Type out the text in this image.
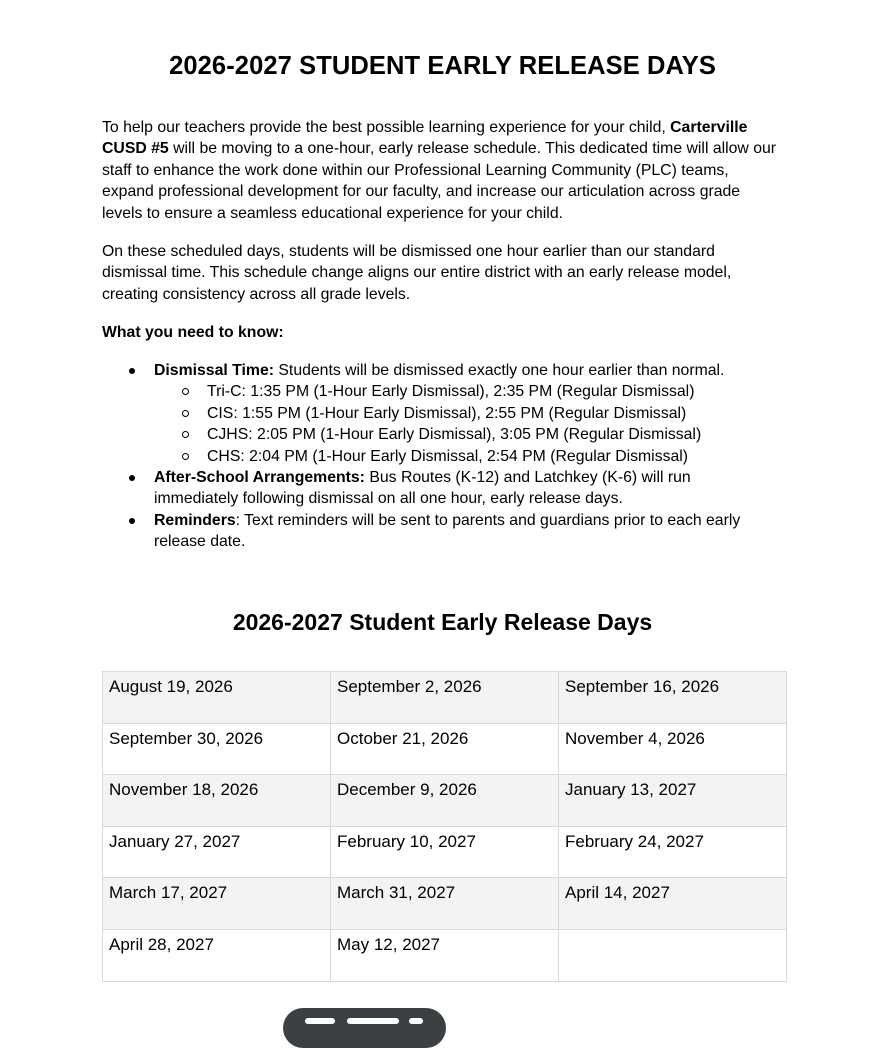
2026-2027 STUDENT EARLY RELEASE DAYS
To help our teachers provide the best possible learning experience for your child, Carterville CUSD #5 will be moving to a one-hour, early release schedule. This dedicated time will allow our staff to enhance the work done within our Professional Learning Community (PLC) teams, expand professional development for our faculty, and increase our articulation across grade levels to ensure a seamless educational experience for your child.
On these scheduled days, students will be dismissed one hour earlier than our standard dismissal time. This schedule change aligns our entire district with an early release model, creating consistency across all grade levels.
What you need to know:
Dismissal Time: Students will be dismissed exactly one hour earlier than normal.
Tri-C: 1:35 PM (1-Hour Early Dismissal), 2:35 PM (Regular Dismissal)
CIS: 1:55 PM (1-Hour Early Dismissal), 2:55 PM (Regular Dismissal)
CJHS: 2:05 PM (1-Hour Early Dismissal), 3:05 PM (Regular Dismissal)
CHS: 2:04 PM (1-Hour Early Dismissal, 2:54 PM (Regular Dismissal)
After-School Arrangements: Bus Routes (K-12) and Latchkey (K-6) will run immediately following dismissal on all one hour, early release days.
Reminders: Text reminders will be sent to parents and guardians prior to each early release date.
2026-2027 Student Early Release Days
August 19, 2026	September 2, 2026	September 16, 2026
September 30, 2026	October 21, 2026	November 4, 2026
November 18, 2026	December 9, 2026	January 13, 2027
January 27, 2027	February 10, 2027	February 24, 2027
March 17, 2027	March 31, 2027	April 14, 2027
April 28, 2027	May 12, 2027	
